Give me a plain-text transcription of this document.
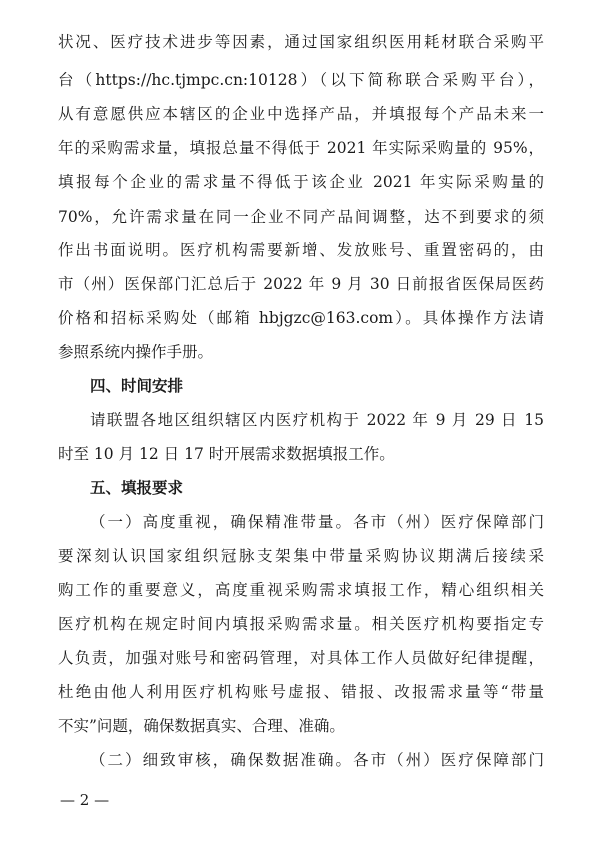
状况、医疗技术进步等因素，通过国家组织医用耗材联合采购平
台（https://hc.tjmpc.cn:10128）（以下简称联合采购平台），
从有意愿供应本辖区的企业中选择产品，并填报每个产品未来一
年的采购需求量，填报总量不得低于 2021 年实际采购量的 95%，
填报每个企业的需求量不得低于该企业 2021 年实际采购量的
70%，允许需求量在同一企业不同产品间调整，达不到要求的须
作出书面说明。医疗机构需要新增、发放账号、重置密码的，由
市（州）医保部门汇总后于 2022 年 9 月 30 日前报省医保局医药
价格和招标采购处（邮箱 hbjgzc@163.com）。具体操作方法请
参照系统内操作手册。
四、时间安排
请联盟各地区组织辖区内医疗机构于 2022 年 9 月 29 日 15
时至 10 月 12 日 17 时开展需求数据填报工作。
五、填报要求
（一）高度重视，确保精准带量。各市（州）医疗保障部门
要深刻认识国家组织冠脉支架集中带量采购协议期满后接续采
购工作的重要意义，高度重视采购需求填报工作，精心组织相关
医疗机构在规定时间内填报采购需求量。相关医疗机构要指定专
人负责，加强对账号和密码管理，对具体工作人员做好纪律提醒，
杜绝由他人利用医疗机构账号虚报、错报、改报需求量等“带量
不实”问题，确保数据真实、合理、准确。
（二）细致审核，确保数据准确。各市（州）医疗保障部门
— 2 —
